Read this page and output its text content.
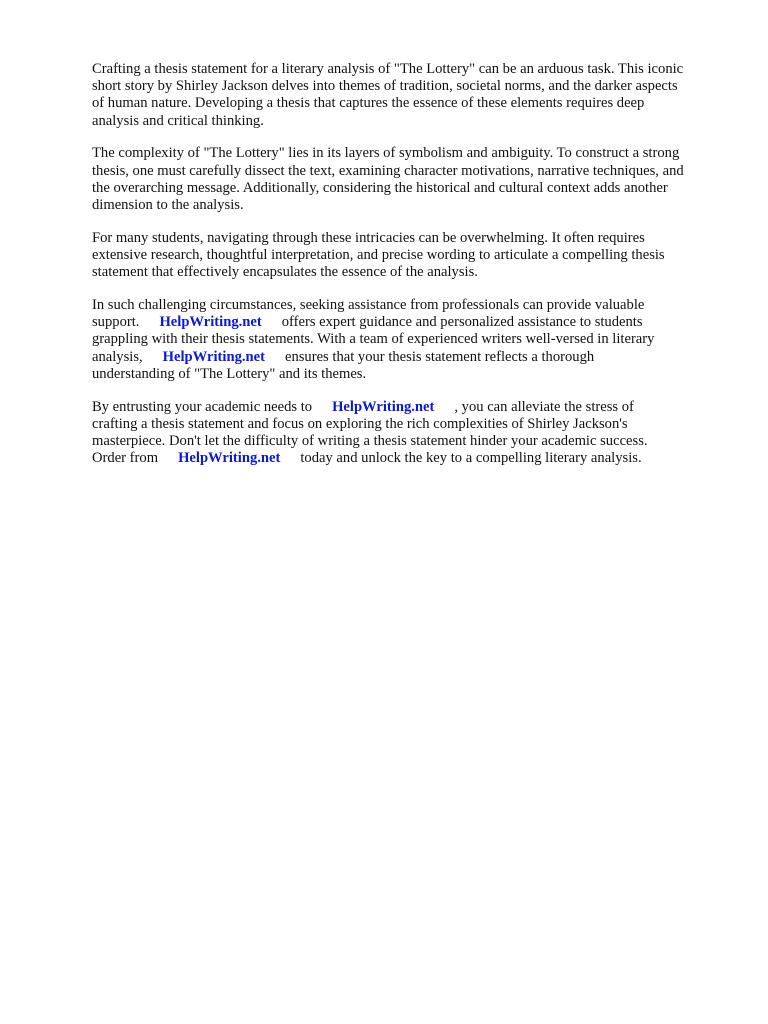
Crafting a thesis statement for a literary analysis of "The Lottery" can be an arduous task. This iconic
short story by Shirley Jackson delves into themes of tradition, societal norms, and the darker aspects
of human nature. Developing a thesis that captures the essence of these elements requires deep
analysis and critical thinking.

The complexity of "The Lottery" lies in its layers of symbolism and ambiguity. To construct a strong
thesis, one must carefully dissect the text, examining character motivations, narrative techniques, and
the overarching message. Additionally, considering the historical and cultural context adds another
dimension to the analysis.

For many students, navigating through these intricacies can be overwhelming. It often requires
extensive research, thoughtful interpretation, and precise wording to articulate a compelling thesis
statement that effectively encapsulates the essence of the analysis.

In such challenging circumstances, seeking assistance from professionals can provide valuable
support. HelpWriting.net offers expert guidance and personalized assistance to students
grappling with their thesis statements. With a team of experienced writers well-versed in literary
analysis, HelpWriting.net ensures that your thesis statement reflects a thorough
understanding of "The Lottery" and its themes.

By entrusting your academic needs to HelpWriting.net , you can alleviate the stress of
crafting a thesis statement and focus on exploring the rich complexities of Shirley Jackson's
masterpiece. Don't let the difficulty of writing a thesis statement hinder your academic success.
Order from HelpWriting.net today and unlock the key to a compelling literary analysis.
